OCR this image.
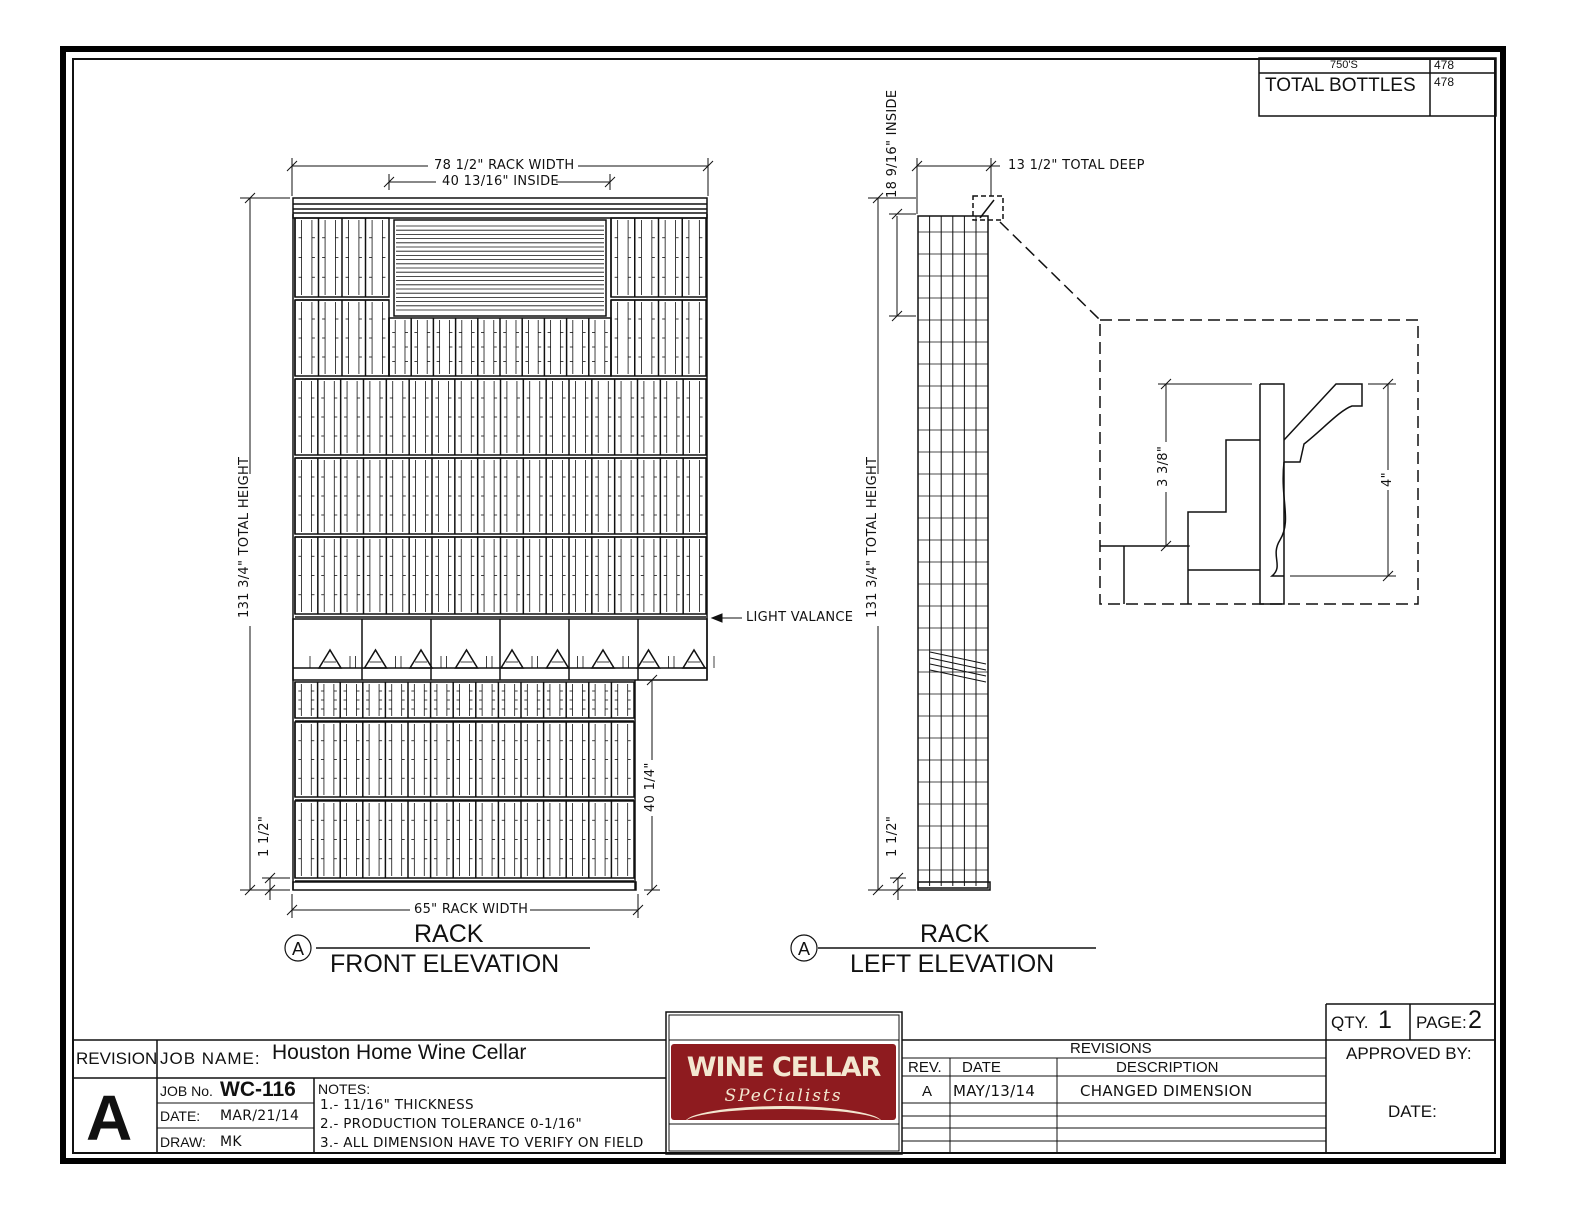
750'S	478
TOTAL BOTTLES 478
78 1/2" RACK WIDTH
40 13/16" INSIDE
131 3/4" TOTAL HEIGHT
1 1/2"
40 1/4"
65" RACK WIDTH
LIGHT VALANCE
A
RACK
FRONT ELEVATION
18 9/16" INSIDE	13 1/2" TOTAL DEEP
131 3/4" TOTAL HEIGHT
1 1/2"
A
RACK
LEFT ELEVATION
3 3/8"	4"
REVISION
A
JOB NAME: Houston Home Wine Cellar
JOB No. WC-116
DATE: MAR/21/14
DRAW: MK
NOTES:
1.- 11/16" THICKNESS
2.- PRODUCTION TOLERANCE 0-1/16"
3.- ALL DIMENSION HAVE TO VERIFY ON FIELD
WINE CELLAR
SPeCialists
REVISIONS
REV. DATE	DESCRIPTION
A MAY/13/14	CHANGED DIMENSION
QTY. 1 PAGE: 2
APPROVED BY:
DATE:
